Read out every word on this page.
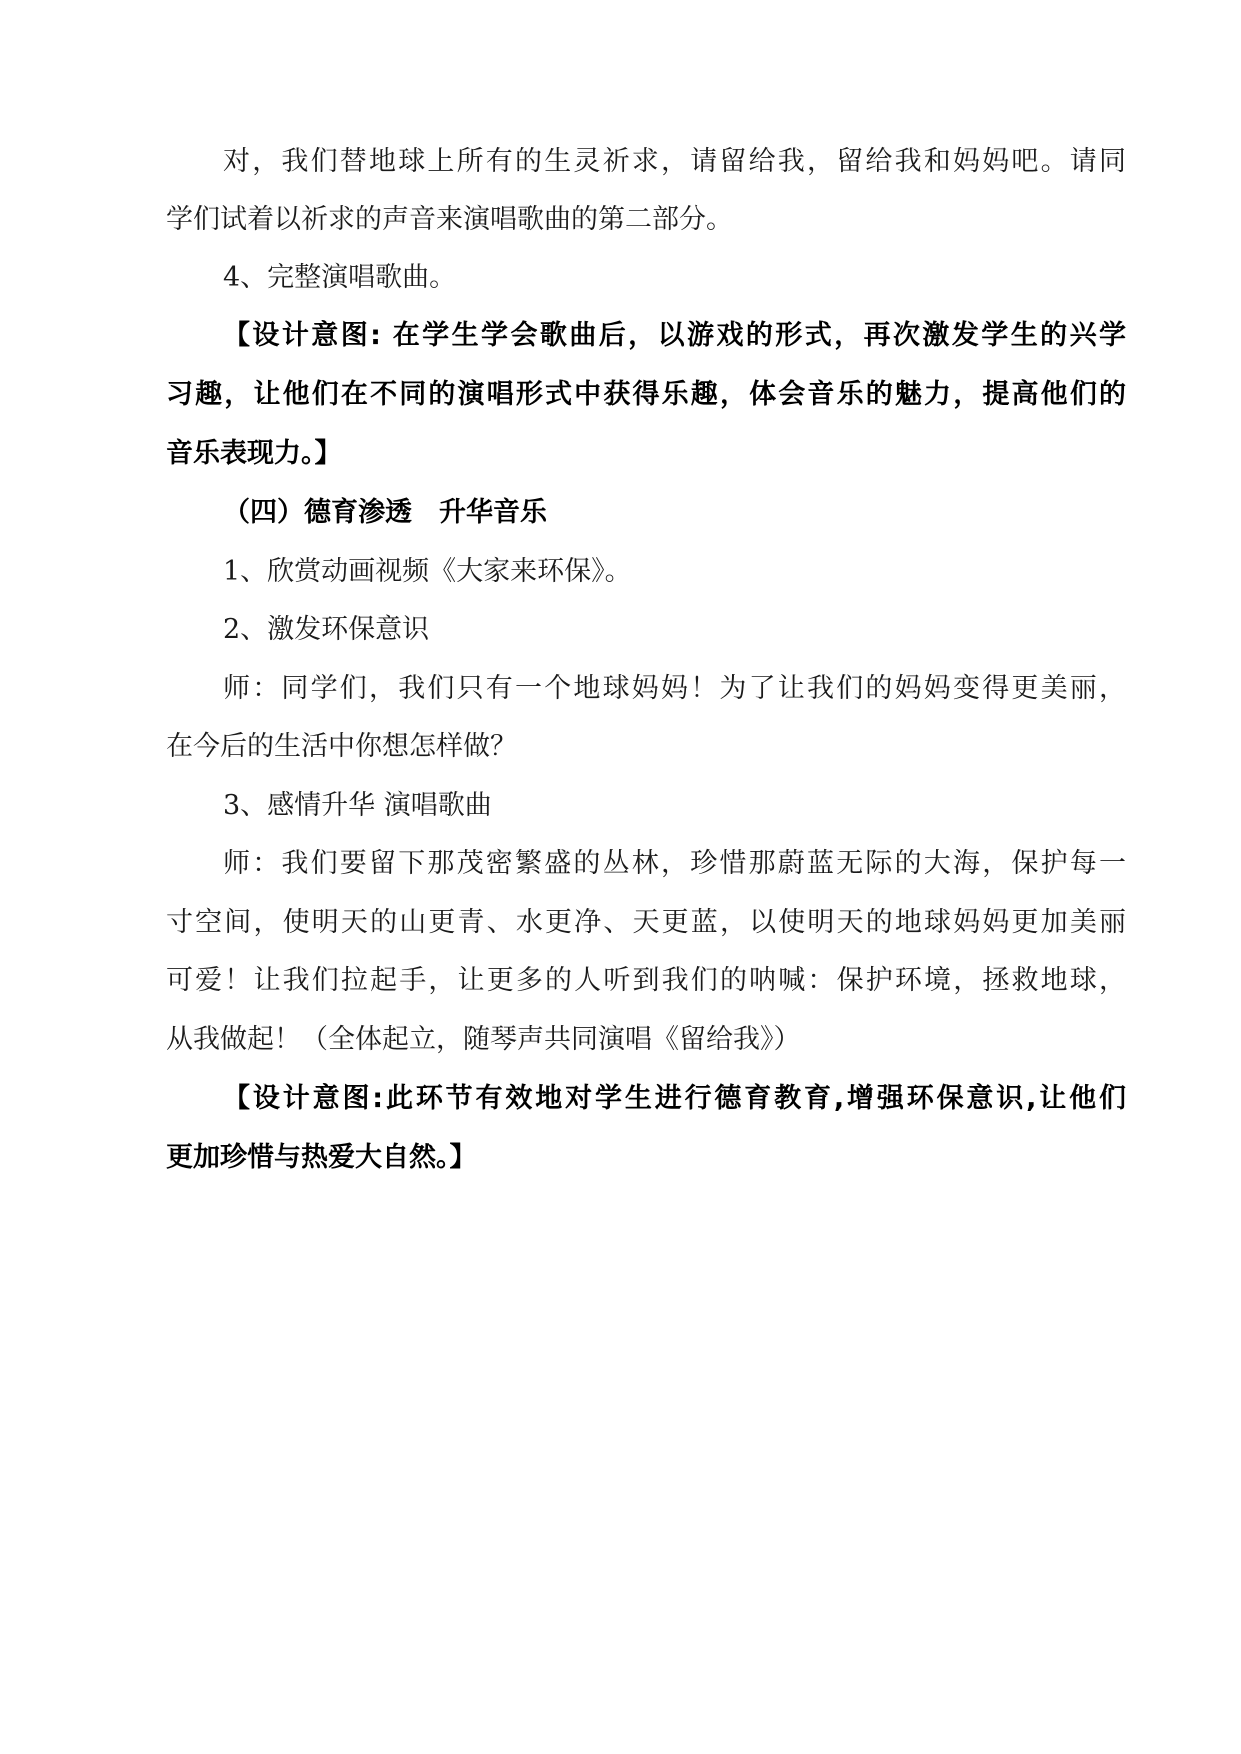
对，我们替地球上所有的生灵祈求，请留给我，留给我和妈妈吧。请同
学们试着以祈求的声音来演唱歌曲的第二部分。
4、完整演唱歌曲。
【设计意图: 在学生学会歌曲后，以游戏的形式，再次激发学生的兴学
习趣，让他们在不同的演唱形式中获得乐趣，体会音乐的魅力，提高他们的
音乐表现力。】
（四）德育渗透　升华音乐
1、欣赏动画视频《大家来环保》。
2、激发环保意识
师：同学们，我们只有一个地球妈妈！为了让我们的妈妈变得更美丽，
在今后的生活中你想怎样做？
3、感情升华 演唱歌曲
师：我们要留下那茂密繁盛的丛林，珍惜那蔚蓝无际的大海，保护每一
寸空间，使明天的山更青、水更净、天更蓝，以使明天的地球妈妈更加美丽
可爱！让我们拉起手，让更多的人听到我们的呐喊：保护环境，拯救地球，
从我做起！（全体起立，随琴声共同演唱《留给我》）
【设计意图:此环节有效地对学生进行德育教育,增强环保意识,让他们
更加珍惜与热爱大自然。】
